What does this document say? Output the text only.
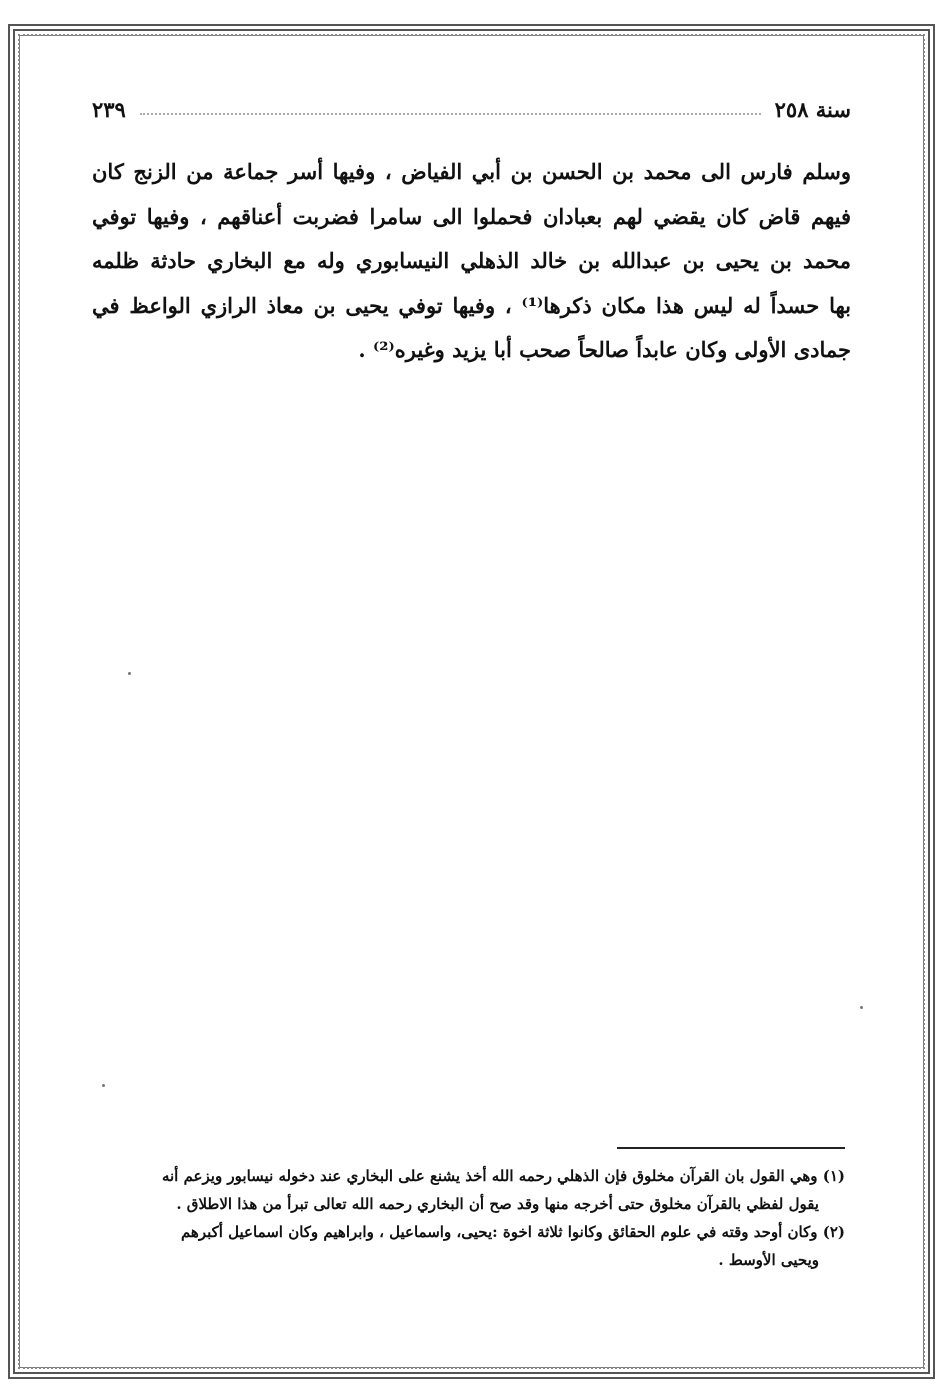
سنة ٢٥٨
٢٣٩
وسلم فارس الى محمد بن الحسن بن أبي الفياض ، وفيها أسر جماعة من الزنج كان
فيهم قاض كان يقضي لهم بعبادان فحملوا الى سامرا فضربت أعناقهم ، وفيها توفي
محمد بن يحيى بن عبدالله بن خالد الذهلي النيسابوري وله مع البخاري حادثة ظلمه
بها حسداً له ليس هذا مكان ذكرها⁽¹⁾ ، وفيها توفي يحيى بن معاذ الرازي الواعظ في
جمادى الأولى وكان عابداً صالحاً صحب أبا يزيد وغيره⁽²⁾ .
(١) وهي القول بان القرآن مخلوق فإن الذهلي رحمه الله أخذ يشنع على البخاري عند دخوله نيسابور ويزعم أنه
يقول لفظي بالقرآن مخلوق حتى أخرجه منها وقد صح أن البخاري رحمه الله تعالى تبرأ من هذا الاطلاق .
(٢) وكان أوحد وقته في علوم الحقائق وكانوا ثلاثة اخوة :يحيى، واسماعيل ، وابراهيم وكان اسماعيل أكبرهم
ويحيى الأوسط .
